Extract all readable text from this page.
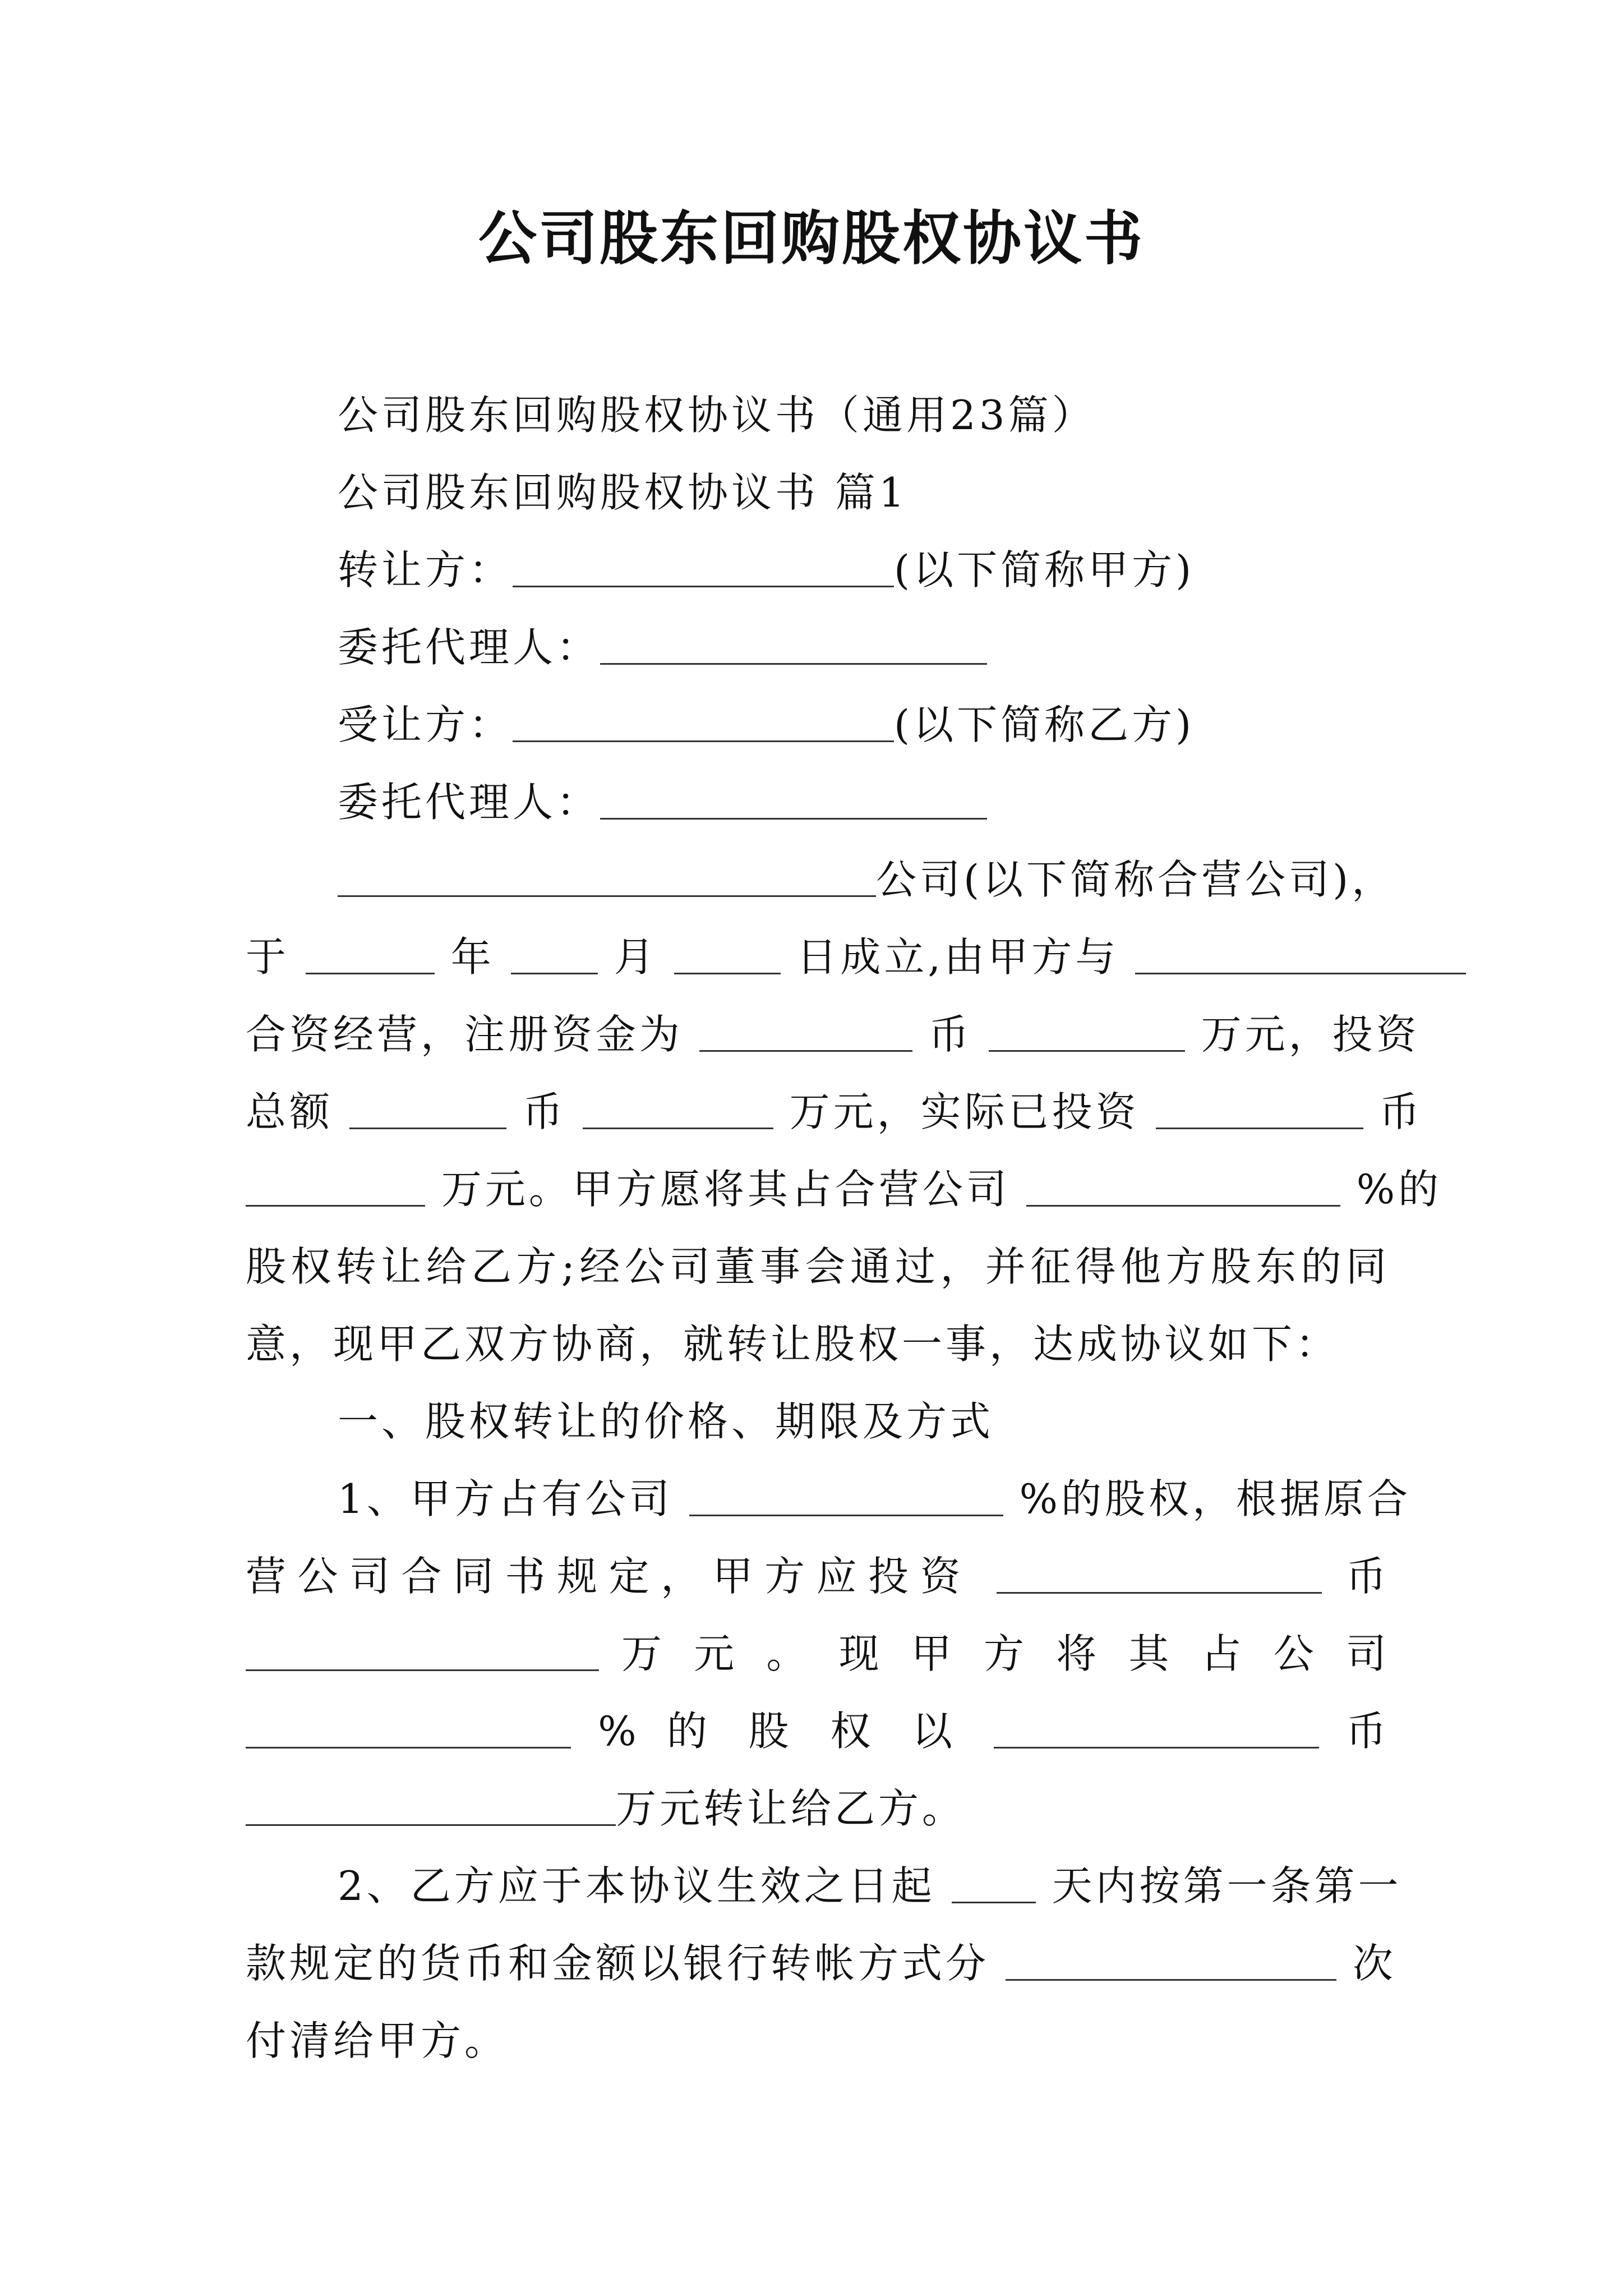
公司股东回购股权协议书
公司股东回购股权协议书（通用23篇）
公司股东回购股权协议书 篇1
转让方：	(以下简称甲方)
委托代理人：
受让方：	(以下简称乙方)
委托代理人：
公司(以下简称合营公司)，
于	年	月	日成立,由甲方与
合资经营，注册资金为	币	万元，投资
总额	币	万元，实际已投资	币
万元。甲方愿将其占合营公司	%的
股权转让给乙方;经公司董事会通过，并征得他方股东的同
意，现甲乙双方协商，就转让股权一事，达成协议如下：
一、股权转让的价格、期限及方式
1、甲方占有公司	%的股权，根据原合
营公司合同书规定，甲方应投资	币
万 元 。 现 甲 方 将 其 占 公 司
% 的 股 权 以	币
万元转让给乙方。
2、乙方应于本协议生效之日起	天内按第一条第一
款规定的货币和金额以银行转帐方式分	次
付清给甲方。
